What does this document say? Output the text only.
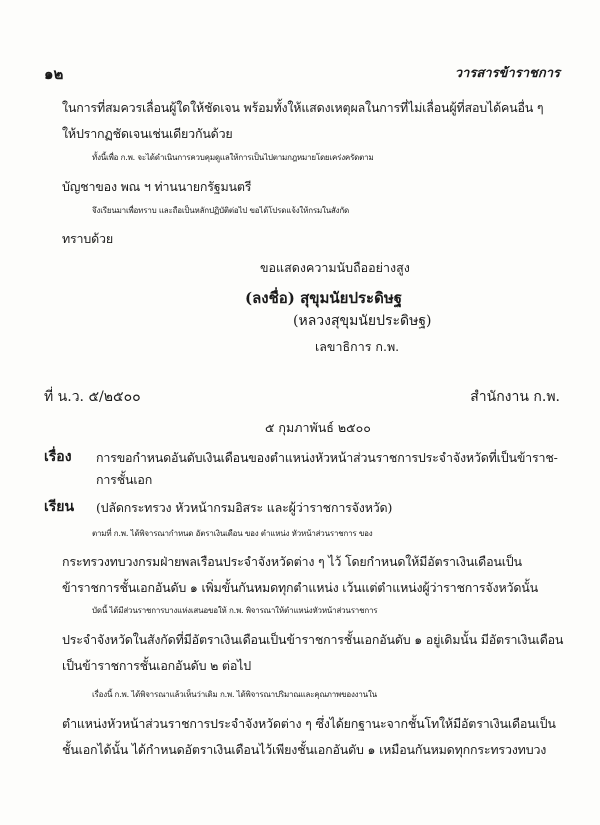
๑๒	วารสารข้าราชการ
ในการที่สมควรเลื่อนผู้ใดให้ชัดเจน พร้อมทั้งให้แสดงเหตุผลในการที่ไม่เลื่อนผู้ที่สอบได้คนอื่น ๆ
ให้ปรากฏชัดเจนเช่นเดียวกันด้วย
ทั้งนี้เพื่อ ก.พ. จะได้ดำเนินการควบคุมดูแลให้การเป็นไปตามกฎหมายโดยเคร่งครัดตาม
บัญชาของ พณ ฯ ท่านนายกรัฐมนตรี
จึงเรียนมาเพื่อทราบ และถือเป็นหลักปฏิบัติต่อไป ขอได้โปรดแจ้งให้กรมในสังกัด
ทราบด้วย
ขอแสดงความนับถืออย่างสูง
(ลงชื่อ) สุขุมนัยประดิษฐ
(หลวงสุขุมนัยประดิษฐ)
เลขาธิการ ก.พ.
ที่ น.ว. ๕/๒๕๐๐	สำนักงาน ก.พ.
๕ กุมภาพันธ์ ๒๕๐๐
เรื่อง การขอกำหนดอันดับเงินเดือนของตำแหน่งหัวหน้าส่วนราชการประจำจังหวัดที่เป็นข้าราช-
การชั้นเอก
เรียน (ปลัดกระทรวง หัวหน้ากรมอิสระ และผู้ว่าราชการจังหวัด)
ตามที่ ก.พ. ได้พิจารณากำหนด อัตราเงินเดือน ของ ตำแหน่ง หัวหน้าส่วนราชการ ของ
กระทรวงทบวงกรมฝ่ายพลเรือนประจำจังหวัดต่าง ๆ ไว้ โดยกำหนดให้มีอัตราเงินเดือนเป็น
ข้าราชการชั้นเอกอันดับ ๑ เพิ่มขั้นกันหมดทุกตำแหน่ง เว้นแต่ตำแหน่งผู้ว่าราชการจังหวัดนั้น
บัดนี้ ได้มีส่วนราชการบางแห่งเสนอขอให้ ก.พ. พิจารณาให้ตำแหน่งหัวหน้าส่วนราชการ
ประจำจังหวัดในสังกัดที่มีอัตราเงินเดือนเป็นข้าราชการชั้นเอกอันดับ ๑ อยู่เดิมนั้น มีอัตราเงินเดือน
เป็นข้าราชการชั้นเอกอันดับ ๒ ต่อไป
เรื่องนี้ ก.พ. ได้พิจารณาแล้วเห็นว่าเดิม ก.พ. ได้พิจารณาปริมาณและคุณภาพของงานใน
ตำแหน่งหัวหน้าส่วนราชการประจำจังหวัดต่าง ๆ ซึ่งได้ยกฐานะจากชั้นโทให้มีอัตราเงินเดือนเป็น
ชั้นเอกได้นั้น ได้กำหนดอัตราเงินเดือนไว้เพียงชั้นเอกอันดับ ๑ เหมือนกันหมดทุกกระทรวงทบวง
